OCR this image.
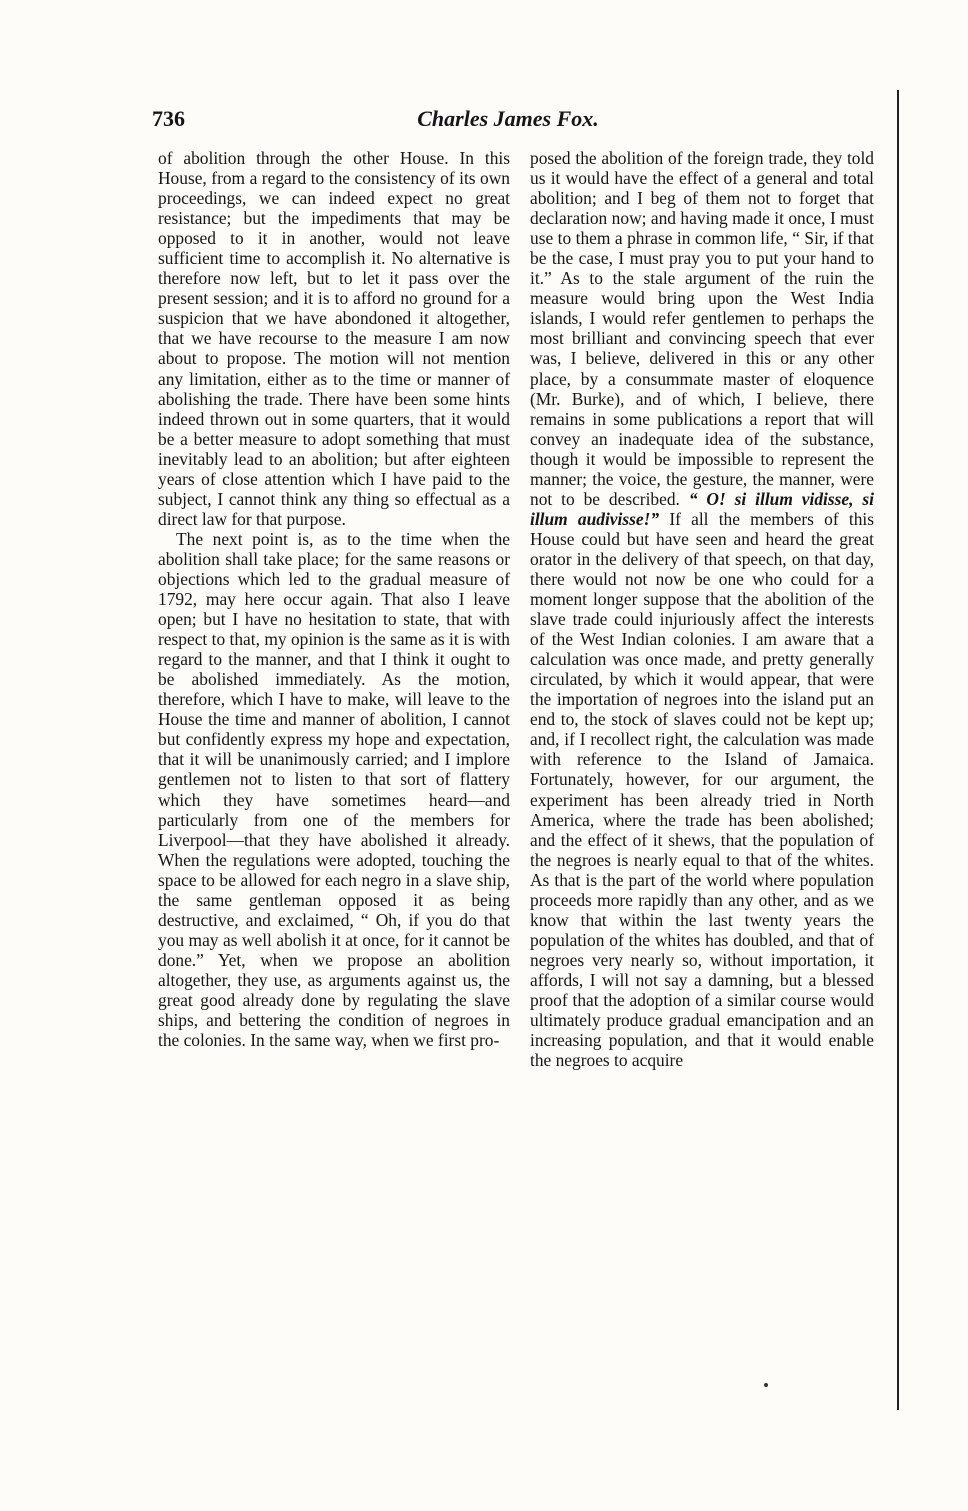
736	Charles James Fox.

of abolition through the other House. In this House, from a regard to the consistency of its own proceedings, we can indeed expect no great resistance; but the impediments that may be opposed to it in another, would not leave sufficient time to accomplish it. No alternative is therefore now left, but to let it pass over the present session; and it is to afford no ground for a suspicion that we have abondoned it altogether, that we have recourse to the measure I am now about to propose. The motion will not mention any limitation, either as to the time or manner of abolishing the trade. There have been some hints indeed thrown out in some quarters, that it would be a better measure to adopt something that must inevitably lead to an abolition; but after eighteen years of close attention which I have paid to the subject, I cannot think any thing so effectual as a direct law for that purpose.

The next point is, as to the time when the abolition shall take place; for the same reasons or objections which led to the gradual measure of 1792, may here occur again. That also I leave open; but I have no hesitation to state, that with respect to that, my opinion is the same as it is with regard to the manner, and that I think it ought to be abolished immediately. As the motion, therefore, which I have to make, will leave to the House the time and manner of abolition, I cannot but confidently express my hope and expectation, that it will be unanimously carried; and I implore gentlemen not to listen to that sort of flattery which they have sometimes heard—and particularly from one of the members for Liverpool—that they have abolished it already. When the regulations were adopted, touching the space to be allowed for each negro in a slave ship, the same gentleman opposed it as being destructive, and exclaimed, “ Oh, if you do that you may as well abolish it at once, for it cannot be done.” Yet, when we propose an abolition altogether, they use, as arguments against us, the great good already done by regulating the slave ships, and bettering the condition of negroes in the colonies. In the same way, when we first pro-

posed the abolition of the foreign trade, they told us it would have the effect of a general and total abolition; and I beg of them not to forget that declaration now; and having made it once, I must use to them a phrase in common life, “ Sir, if that be the case, I must pray you to put your hand to it.” As to the stale argument of the ruin the measure would bring upon the West India islands, I would refer gentlemen to perhaps the most brilliant and convincing speech that ever was, I believe, delivered in this or any other place, by a consummate master of eloquence (Mr. Burke), and of which, I believe, there remains in some publications a report that will convey an inadequate idea of the substance, though it would be impossible to represent the manner; the voice, the gesture, the manner, were not to be described. “ O! si illum vidisse, si illum audivisse!” If all the members of this House could but have seen and heard the great orator in the delivery of that speech, on that day, there would not now be one who could for a moment longer suppose that the abolition of the slave trade could injuriously affect the interests of the West Indian colonies. I am aware that a calculation was once made, and pretty generally circulated, by which it would appear, that were the importation of negroes into the island put an end to, the stock of slaves could not be kept up; and, if I recollect right, the calculation was made with reference to the Island of Jamaica. Fortunately, however, for our argument, the experiment has been already tried in North America, where the trade has been abolished; and the effect of it shews, that the population of the negroes is nearly equal to that of the whites. As that is the part of the world where population proceeds more rapidly than any other, and as we know that within the last twenty years the population of the whites has doubled, and that of negroes very nearly so, without importation, it affords, I will not say a damning, but a blessed proof that the adoption of a similar course would ultimately produce gradual emancipation and an increasing population, and that it would enable the negroes to acquire
